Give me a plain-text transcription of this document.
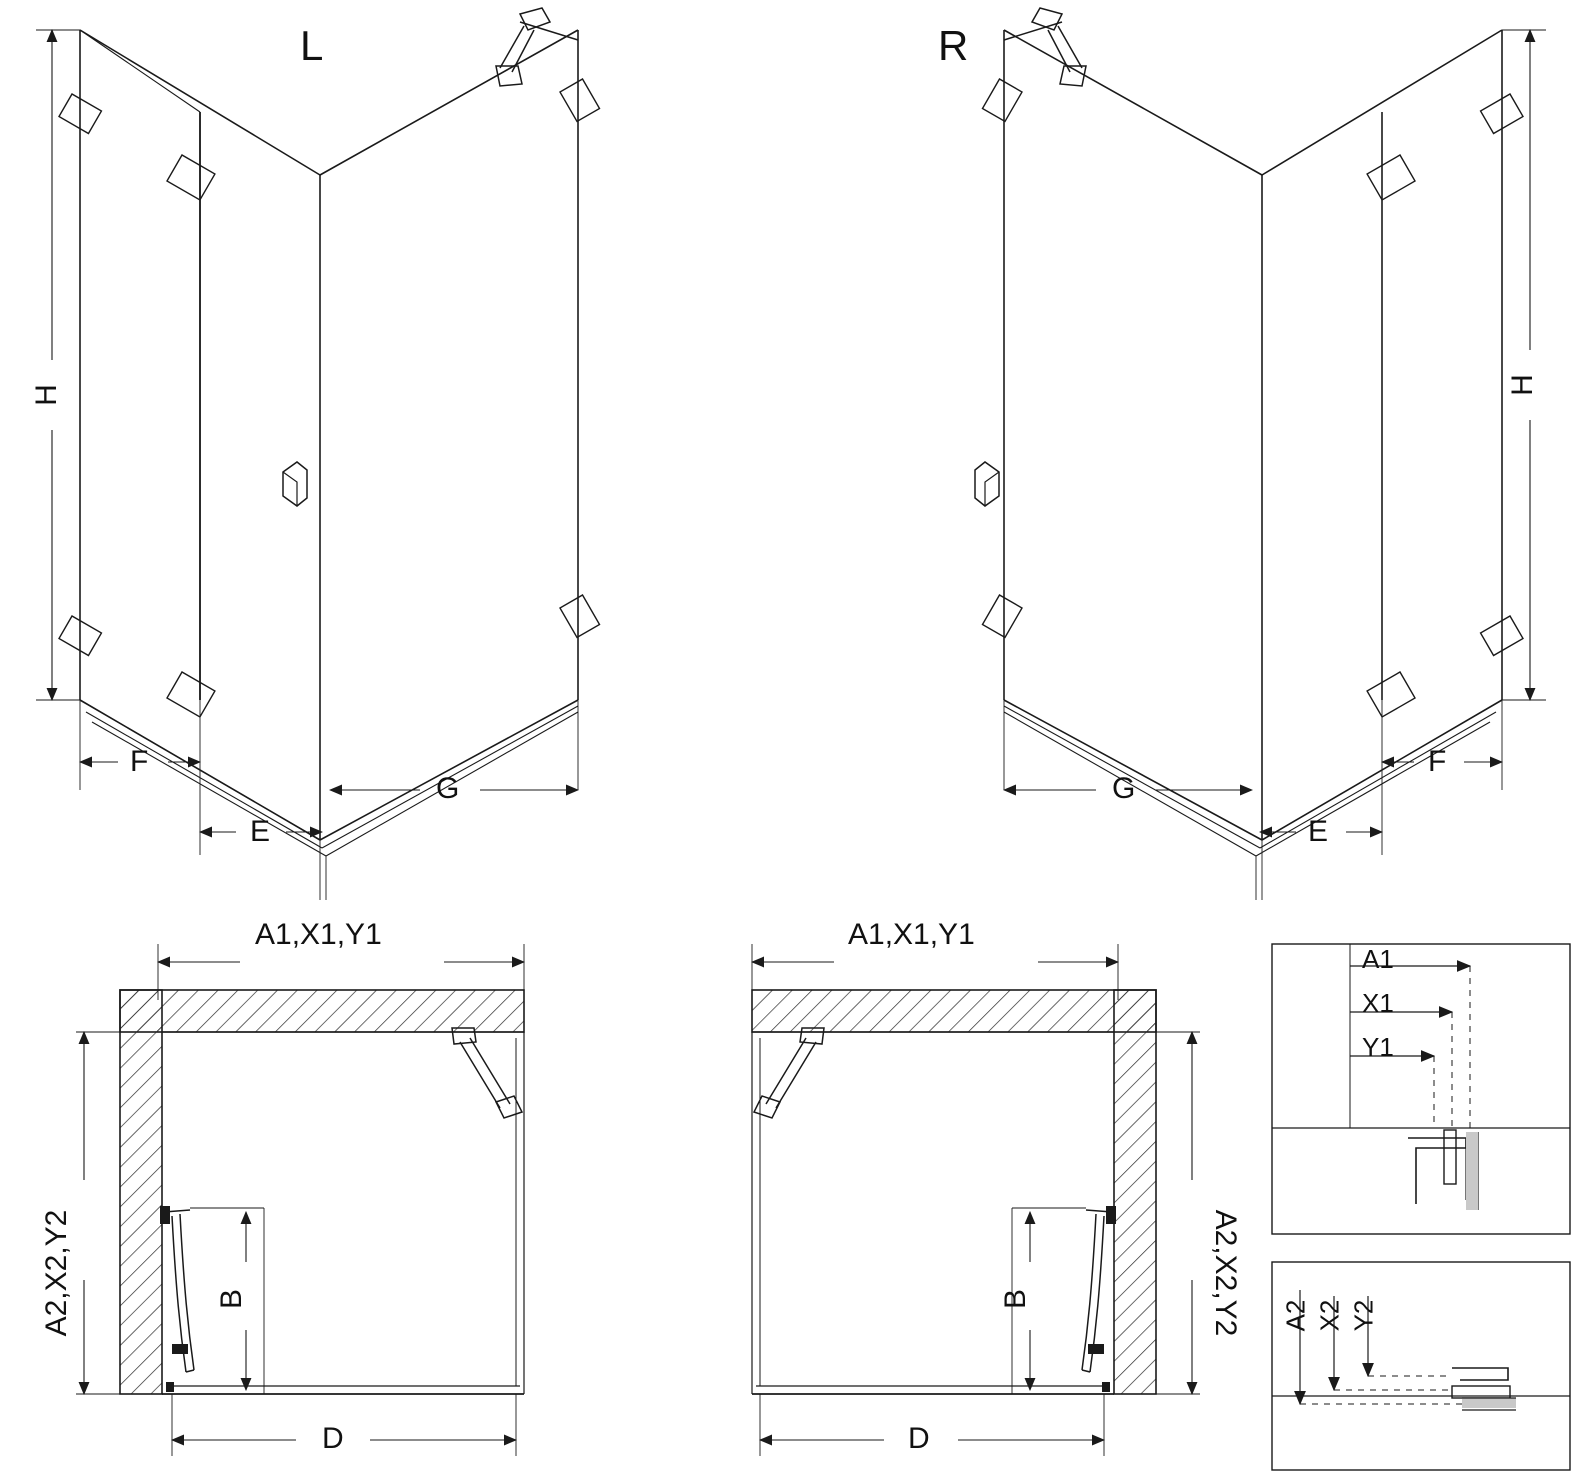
L	R
H	H
F
E
G
F
E
G
A1,X1,Y1	A1,X1,Y1
A2,X2,Y2	A2,X2,Y2
B	B
D	D
A1
X1
Y1
A2 X2 Y2
